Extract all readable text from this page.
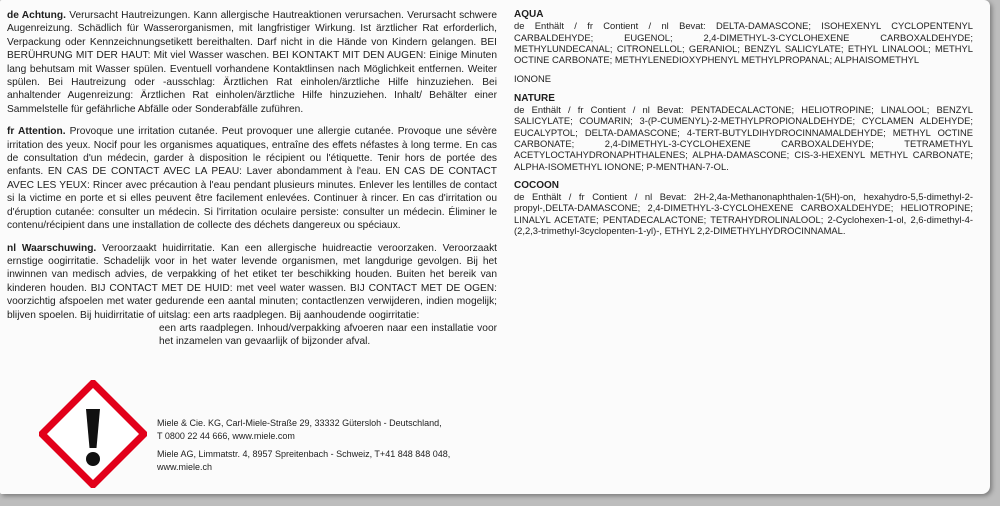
de Achtung. Verursacht Hautreizungen. Kann allergische Hautreaktionen verursachen. Verursacht schwere Augenreizung. Schädlich für Wasserorganismen, mit langfristiger Wirkung. Ist ärztlicher Rat erforderlich, Verpackung oder Kennzeichnungsetikett bereithalten. Darf nicht in die Hände von Kindern gelangen. BEI BERÜHRUNG MIT DER HAUT: Mit viel Wasser waschen. BEI KONTAKT MIT DEN AUGEN: Einige Minuten lang behutsam mit Wasser spülen. Eventuell vorhandene Kontaktlinsen nach Möglichkeit entfernen. Weiter spülen. Bei Hautreizung oder -ausschlag: Ärztlichen Rat einholen/ärztliche Hilfe hinzuziehen. Bei anhaltender Augenreizung: Ärztlichen Rat einholen/ärztliche Hilfe hinzuziehen. Inhalt/ Behälter einer Sammelstelle für gefährliche Abfälle oder Sonderabfälle zuführen.

fr Attention. Provoque une irritation cutanée. Peut provoquer une allergie cutanée. Provoque une sévère irritation des yeux. Nocif pour les organismes aquatiques, entraîne des effets néfastes à long terme. En cas de consultation d'un médecin, garder à disposition le récipient ou l'étiquette. Tenir hors de portée des enfants. EN CAS DE CONTACT AVEC LA PEAU: Laver abondamment à l'eau. EN CAS DE CONTACT AVEC LES YEUX: Rincer avec précaution à l'eau pendant plusieurs minutes. Enlever les lentilles de contact si la victime en porte et si elles peuvent être facilement enlevées. Continuer à rincer. En cas d'irritation ou d'éruption cutanée: consulter un médecin. Si l'irritation oculaire persiste: consulter un médecin. Éliminer le contenu/récipient dans une installation de collecte des déchets dangereux ou spéciaux.

nl Waarschuwing. Veroorzaakt huidirritatie. Kan een allergische huidreactie veroorzaken. Veroorzaakt ernstige oogirritatie. Schadelijk voor in het water levende organismen, met langdurige gevolgen. Bij het inwinnen van medisch advies, de verpakking of het etiket ter beschikking houden. Buiten het bereik van kinderen houden. BIJ CONTACT MET DE HUID: met veel water wassen. BIJ CONTACT MET DE OGEN: voorzichtig afspoelen met water gedurende een aantal minuten; contactlenzen verwijderen, indien mogelijk; blijven spoelen. Bij huidirritatie of uitslag: een arts raadplegen. Bij aanhoudende oogirritatie:

een arts raadplegen. Inhoud/verpakking afvoeren naar een installatie voor het inzamelen van gevaarlijk of bijzonder afval.
Miele & Cie. KG, Carl-Miele-Straße 29, 33332 Gütersloh - Deutschland,
T 0800 22 44 666, www.miele.com
Miele AG, Limmatstr. 4, 8957 Spreitenbach - Schweiz, T+41 848 848 048,
www.miele.ch
AQUA
de Enthält / fr Contient / nl Bevat: DELTA-DAMASCONE; ISOHEXENYL CYCLOPENTENYL CARBALDEHYDE; EUGENOL; 2,4-DIMETHYL-3-CYCLOHEXENE CARBOXALDEHYDE; METHYLUNDECANAL; CITRONELLOL; GERANIOL; BENZYL SALICYLATE; ETHYL LINALOOL; METHYL OCTINE CARBONATE; METHYLENEDIOXYPHENYL METHYLPROPANAL; ALPHAISOMETHYL
IONONE
NATURE
de Enthält / fr Contient / nl Bevat: PENTADECALACTONE; HELIOTROPINE; LINALOOL; BENZYL SALICYLATE; COUMARIN; 3-(P-CUMENYL)-2-METHYLPROPIONALDEHYDE; CYCLAMEN ALDEHYDE; EUCALYPTOL; DELTA-DAMASCONE; 4-TERT-BUTYLDIHYDROCINNAMALDEHYDE; METHYL OCTINE CARBONATE; 2,4-DIMETHYL-3-CYCLOHEXENE CARBOXALDEHYDE; TETRAMETHYL ACETYLOCTAHYDRONAPHTHALENES; ALPHA-DAMASCONE; CIS-3-HEXENYL METHYL CARBONATE; ALPHA-ISOMETHYL IONONE; P-MENTHAN-7-OL.
COCOON
de Enthält / fr Contient / nl Bevat: 2H-2,4a-Methanonaphthalen-1(5H)-on, hexahydro-5,5-dimethyl-2-propyl-,DELTA-DAMASCONE; 2,4-DIMETHYL-3-CYCLOHEXENE CARBOXALDEHYDE; HELIOTROPINE; LINALYL ACETATE; PENTADECALACTONE; TETRAHYDROLINALOOL; 2-Cyclohexen-1-ol, 2,6-dimethyl-4-(2,2,3-trimethyl-3cyclopenten-1-yl)-, ETHYL 2,2-DIMETHYLHYDROCINNAMAL.
